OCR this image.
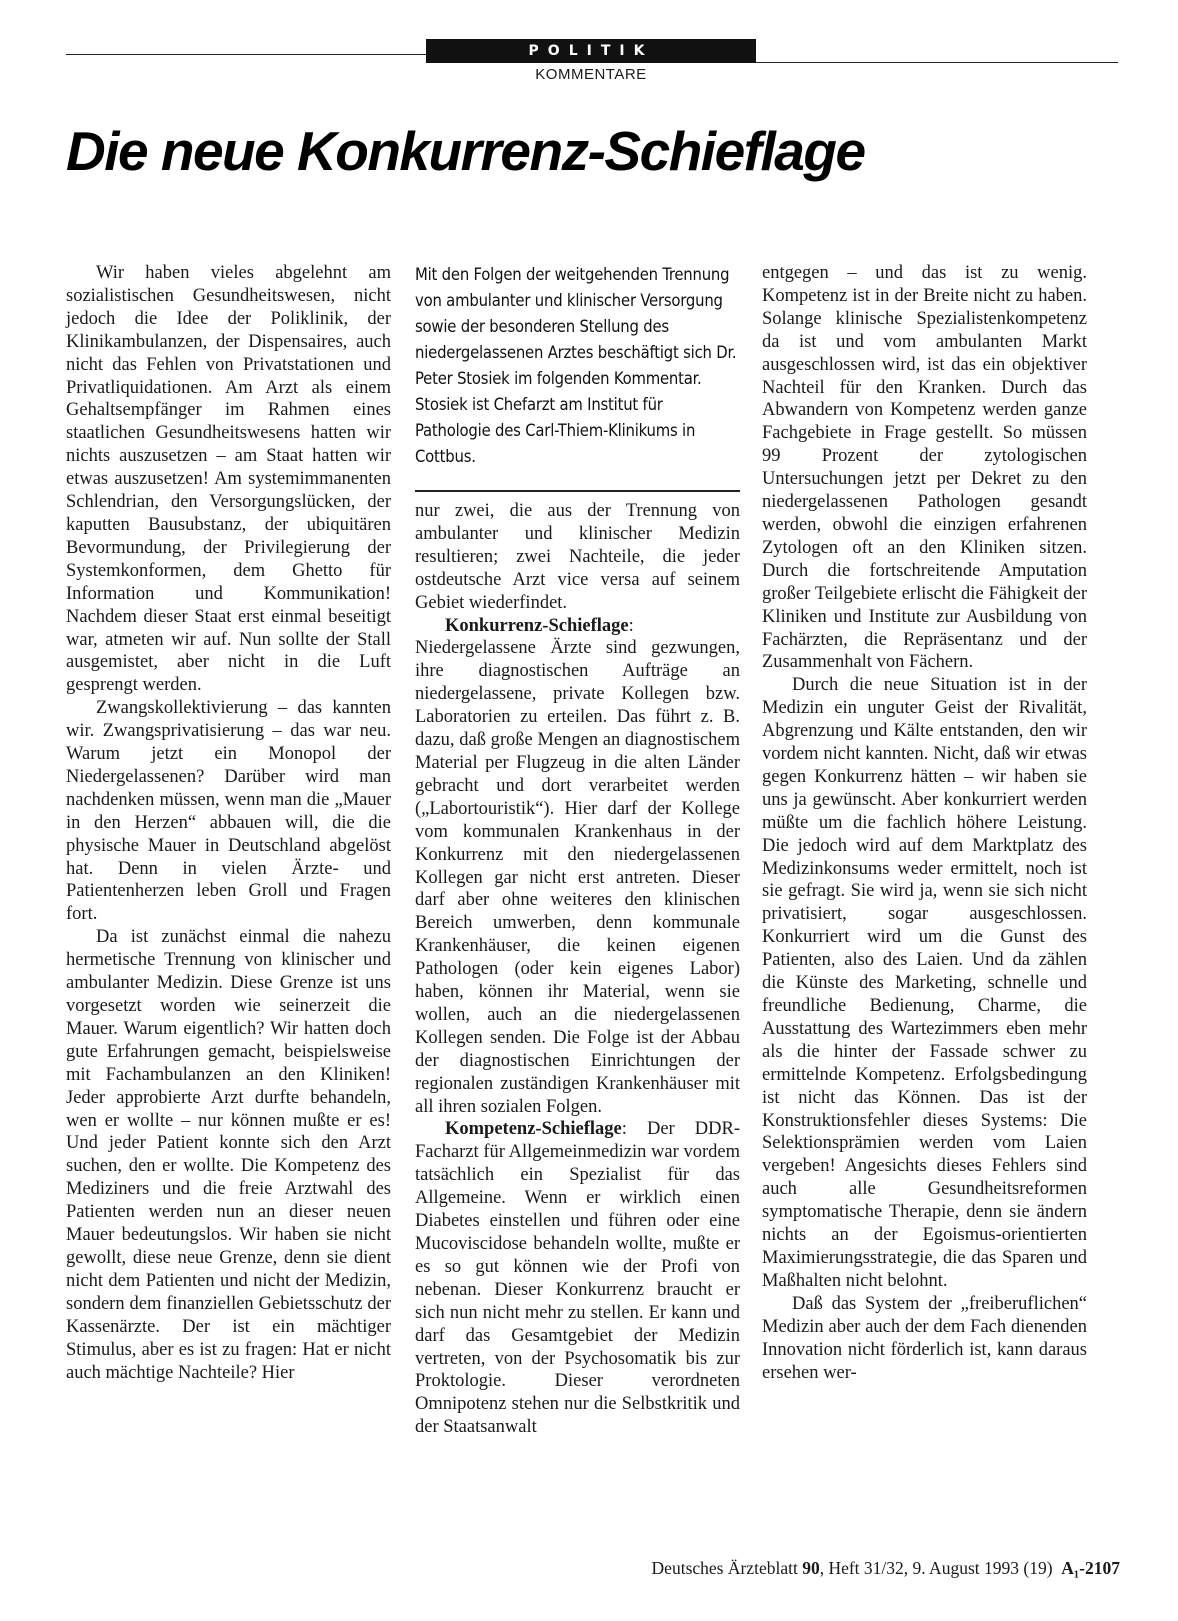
POLITIK
KOMMENTARE
Die neue Konkurrenz-Schieflage

Wir haben vieles abgelehnt am sozialistischen Gesundheitswesen, nicht jedoch die Idee der Poliklinik, der Klinikambulanzen, der Dispensaires, auch nicht das Fehlen von Privatstationen und Privatliquidationen. Am Arzt als einem Gehaltsempfänger im Rahmen eines staatlichen Gesundheitswesens hatten wir nichts auszusetzen – am Staat hatten wir etwas auszusetzen! Am systemimmanenten Schlendrian, den Versorgungslücken, der kaputten Bausubstanz, der ubiquitären Bevormundung, der Privilegierung der Systemkonformen, dem Ghetto für Information und Kommunikation! Nachdem dieser Staat erst einmal beseitigt war, atmeten wir auf. Nun sollte der Stall ausgemistet, aber nicht in die Luft gesprengt werden.

Zwangskollektivierung – das kannten wir. Zwangsprivatisierung – das war neu. Warum jetzt ein Monopol der Niedergelassenen? Darüber wird man nachdenken müssen, wenn man die „Mauer in den Herzen“ abbauen will, die die physische Mauer in Deutschland abgelöst hat. Denn in vielen Ärzte- und Patientenherzen leben Groll und Fragen fort.

Da ist zunächst einmal die nahezu hermetische Trennung von klinischer und ambulanter Medizin. Diese Grenze ist uns vorgesetzt worden wie seinerzeit die Mauer. Warum eigentlich? Wir hatten doch gute Erfahrungen gemacht, beispielsweise mit Fachambulanzen an den Kliniken! Jeder approbierte Arzt durfte behandeln, wen er wollte – nur können mußte er es! Und jeder Patient konnte sich den Arzt suchen, den er wollte. Die Kompetenz des Mediziners und die freie Arztwahl des Patienten werden nun an dieser neuen Mauer bedeutungslos. Wir haben sie nicht gewollt, diese neue Grenze, denn sie dient nicht dem Patienten und nicht der Medizin, sondern dem finanziellen Gebietsschutz der Kassenärzte. Der ist ein mächtiger Stimulus, aber es ist zu fragen: Hat er nicht auch mächtige Nachteile? Hier

Mit den Folgen der weitgehenden Trennung von ambulanter und klinischer Versorgung sowie der besonderen Stellung des niedergelassenen Arztes beschäftigt sich Dr. Peter Stosiek im folgenden Kommentar. Stosiek ist Chefarzt am Institut für Pathologie des Carl-Thiem-Klinikums in Cottbus.

nur zwei, die aus der Trennung von ambulanter und klinischer Medizin resultieren; zwei Nachteile, die jeder ostdeutsche Arzt vice versa auf seinem Gebiet wiederfindet.

Konkurrenz-Schieflage: Niedergelassene Ärzte sind gezwungen, ihre diagnostischen Aufträge an niedergelassene, private Kollegen bzw. Laboratorien zu erteilen. Das führt z. B. dazu, daß große Mengen an diagnostischem Material per Flugzeug in die alten Länder gebracht und dort verarbeitet werden („Labortouristik“). Hier darf der Kollege vom kommunalen Krankenhaus in der Konkurrenz mit den niedergelassenen Kollegen gar nicht erst antreten. Dieser darf aber ohne weiteres den klinischen Bereich umwerben, denn kommunale Krankenhäuser, die keinen eigenen Pathologen (oder kein eigenes Labor) haben, können ihr Material, wenn sie wollen, auch an die niedergelassenen Kollegen senden. Die Folge ist der Abbau der diagnostischen Einrichtungen der regionalen zuständigen Krankenhäuser mit all ihren sozialen Folgen.

Kompetenz-Schieflage: Der DDR-Facharzt für Allgemeinmedizin war vordem tatsächlich ein Spezialist für das Allgemeine. Wenn er wirklich einen Diabetes einstellen und führen oder eine Mucoviscidose behandeln wollte, mußte er es so gut können wie der Profi von nebenan. Dieser Konkurrenz braucht er sich nun nicht mehr zu stellen. Er kann und darf das Gesamtgebiet der Medizin vertreten, von der Psychosomatik bis zur Proktologie. Dieser verordneten Omnipotenz stehen nur die Selbstkritik und der Staatsanwalt

entgegen – und das ist zu wenig. Kompetenz ist in der Breite nicht zu haben. Solange klinische Spezialistenkompetenz da ist und vom ambulanten Markt ausgeschlossen wird, ist das ein objektiver Nachteil für den Kranken. Durch das Abwandern von Kompetenz werden ganze Fachgebiete in Frage gestellt. So müssen 99 Prozent der zytologischen Untersuchungen jetzt per Dekret zu den niedergelassenen Pathologen gesandt werden, obwohl die einzigen erfahrenen Zytologen oft an den Kliniken sitzen. Durch die fortschreitende Amputation großer Teilgebiete erlischt die Fähigkeit der Kliniken und Institute zur Ausbildung von Fachärzten, die Repräsentanz und der Zusammenhalt von Fächern.

Durch die neue Situation ist in der Medizin ein unguter Geist der Rivalität, Abgrenzung und Kälte entstanden, den wir vordem nicht kannten. Nicht, daß wir etwas gegen Konkurrenz hätten – wir haben sie uns ja gewünscht. Aber konkurriert werden müßte um die fachlich höhere Leistung. Die jedoch wird auf dem Marktplatz des Medizinkonsums weder ermittelt, noch ist sie gefragt. Sie wird ja, wenn sie sich nicht privatisiert, sogar ausgeschlossen. Konkurriert wird um die Gunst des Patienten, also des Laien. Und da zählen die Künste des Marketing, schnelle und freundliche Bedienung, Charme, die Ausstattung des Wartezimmers eben mehr als die hinter der Fassade schwer zu ermittelnde Kompetenz. Erfolgsbedingung ist nicht das Können. Das ist der Konstruktionsfehler dieses Systems: Die Selektionsprämien werden vom Laien vergeben! Angesichts dieses Fehlers sind auch alle Gesundheitsreformen symptomatische Therapie, denn sie ändern nichts an der Egoismus-orientierten Maximierungsstrategie, die das Sparen und Maßhalten nicht belohnt.

Daß das System der „freiberuflichen“ Medizin aber auch der dem Fach dienenden Innovation nicht förderlich ist, kann daraus ersehen wer-

Deutsches Ärzteblatt 90, Heft 31/32, 9. August 1993 (19) A₁-2107
